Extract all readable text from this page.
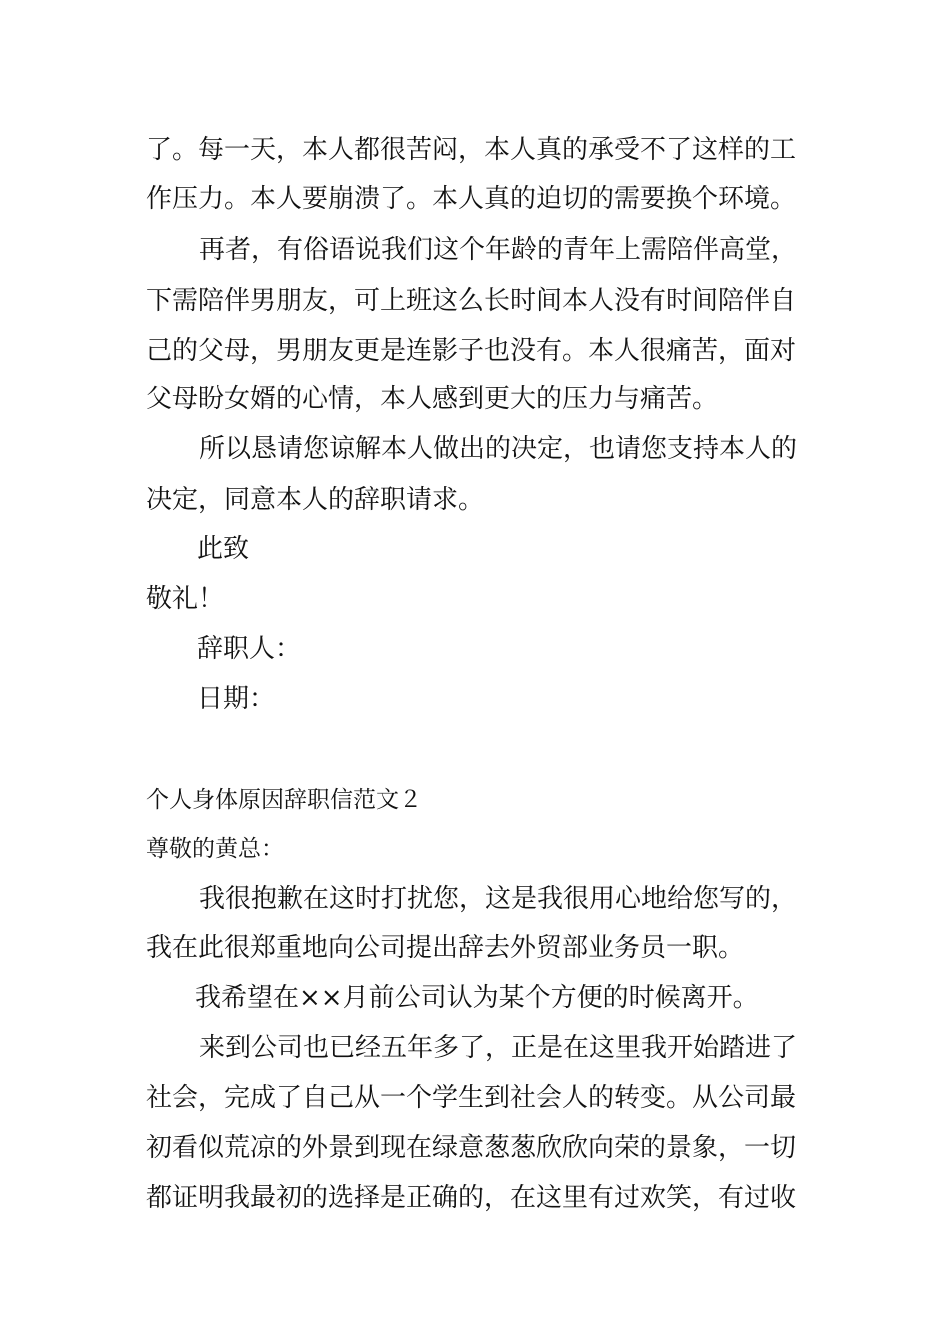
了。每一天，本人都很苦闷，本人真的承受不了这样的工
作压力。本人要崩溃了。本人真的迫切的需要换个环境。
再者，有俗语说我们这个年龄的青年上需陪伴高堂，
下需陪伴男朋友，可上班这么长时间本人没有时间陪伴自
己的父母，男朋友更是连影子也没有。本人很痛苦，面对
父母盼女婿的心情，本人感到更大的压力与痛苦。
所以恳请您谅解本人做出的决定，也请您支持本人的
决定，同意本人的辞职请求。
此致
敬礼！
辞职人：
日期：
个人身体原因辞职信范文２
尊敬的黄总：
我很抱歉在这时打扰您，这是我很用心地给您写的，
我在此很郑重地向公司提出辞去外贸部业务员一职。
我希望在××月前公司认为某个方便的时候离开。
来到公司也已经五年多了，正是在这里我开始踏进了
社会，完成了自己从一个学生到社会人的转变。从公司最
初看似荒凉的外景到现在绿意葱葱欣欣向荣的景象，一切
都证明我最初的选择是正确的，在这里有过欢笑，有过收
